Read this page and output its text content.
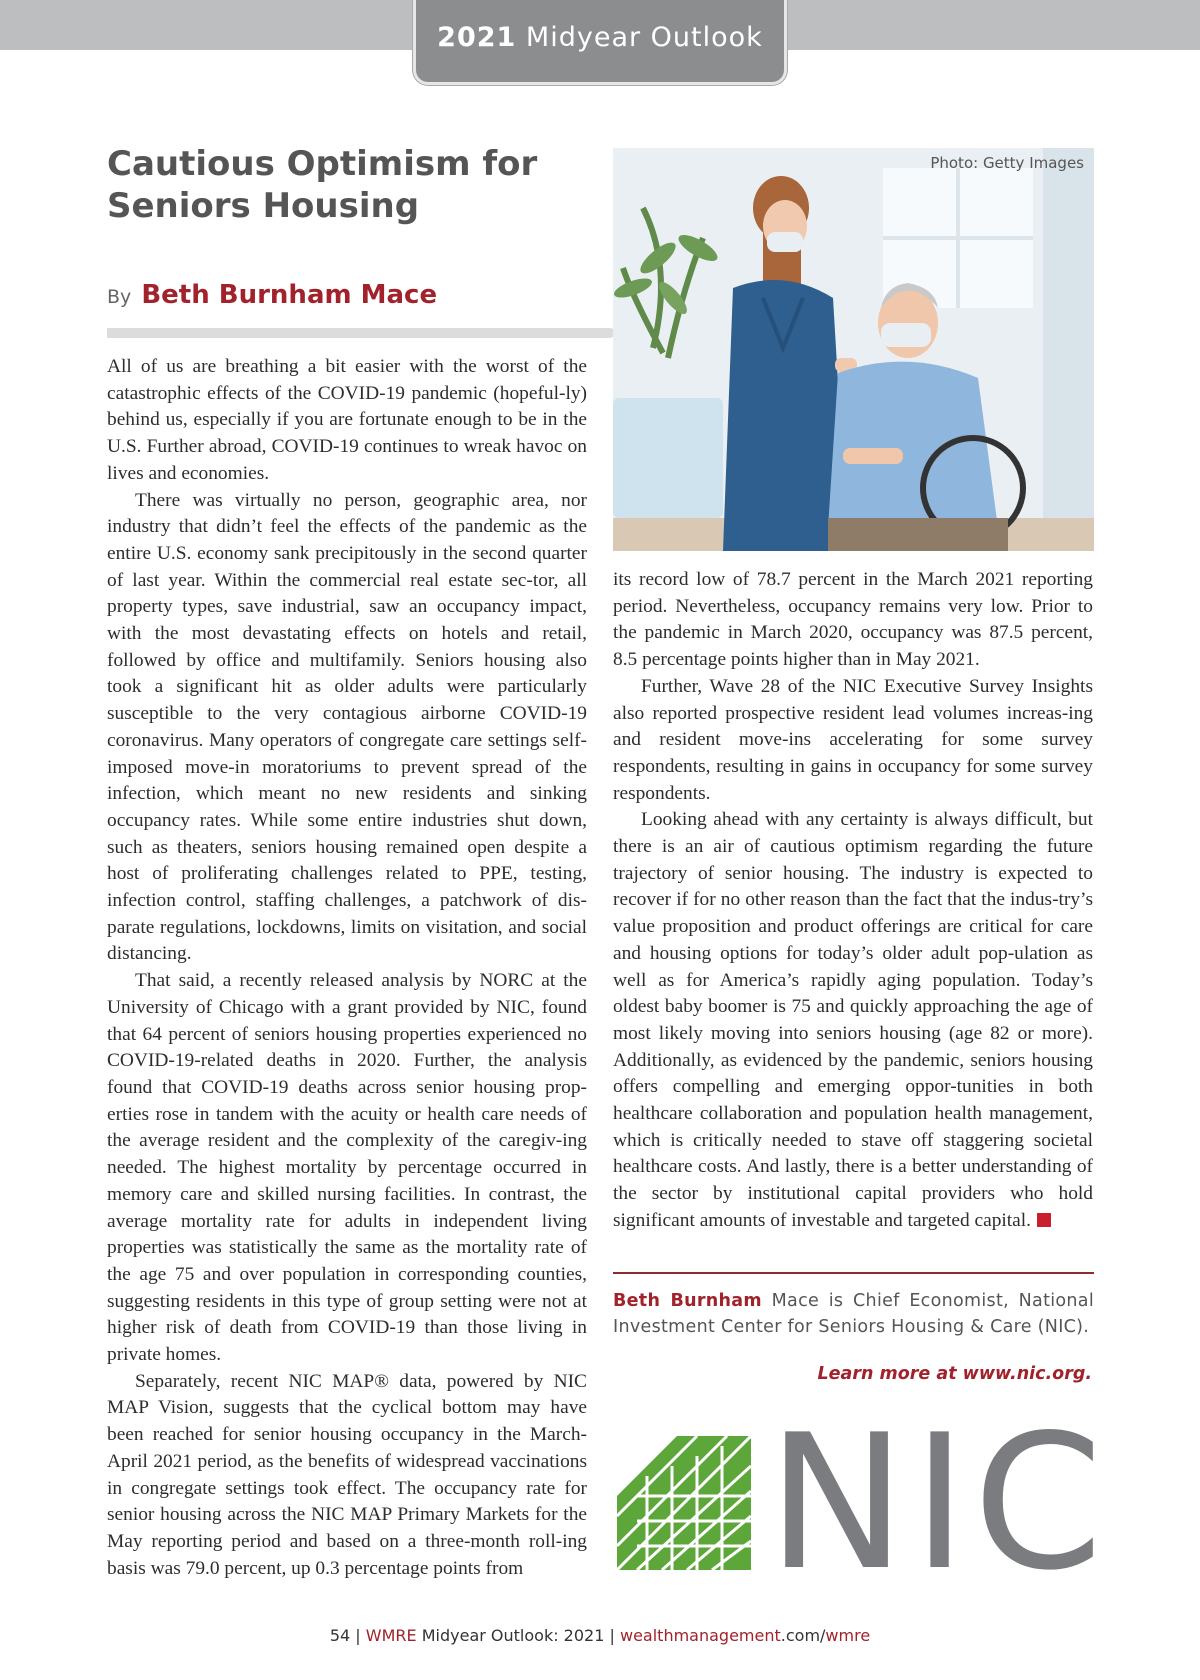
2021 Midyear Outlook
Cautious Optimism for Seniors Housing
By Beth Burnham Mace
Photo: Getty Images

All of us are breathing a bit easier with the worst of the catastrophic effects of the COVID-19 pandemic (hopeful-ly) behind us, especially if you are fortunate enough to be in the U.S. Further abroad, COVID-19 continues to wreak havoc on lives and economies.

There was virtually no person, geographic area, nor industry that didn’t feel the effects of the pandemic as the entire U.S. economy sank precipitously in the second quarter of last year. Within the commercial real estate sec-tor, all property types, save industrial, saw an occupancy impact, with the most devastating effects on hotels and retail, followed by office and multifamily. Seniors housing also took a significant hit as older adults were particularly susceptible to the very contagious airborne COVID-19 coronavirus. Many operators of congregate care settings self-imposed move-in moratoriums to prevent spread of the infection, which meant no new residents and sinking occupancy rates. While some entire industries shut down, such as theaters, seniors housing remained open despite a host of proliferating challenges related to PPE, testing, infection control, staffing challenges, a patchwork of dis-parate regulations, lockdowns, limits on visitation, and social distancing.

That said, a recently released analysis by NORC at the University of Chicago with a grant provided by NIC, found that 64 percent of seniors housing properties experienced no COVID-19-related deaths in 2020. Further, the analysis found that COVID-19 deaths across senior housing prop-erties rose in tandem with the acuity or health care needs of the average resident and the complexity of the caregiv-ing needed. The highest mortality by percentage occurred in memory care and skilled nursing facilities. In contrast, the average mortality rate for adults in independent living properties was statistically the same as the mortality rate of the age 75 and over population in corresponding counties, suggesting residents in this type of group setting were not at higher risk of death from COVID-19 than those living in private homes.

Separately, recent NIC MAP® data, powered by NIC MAP Vision, suggests that the cyclical bottom may have been reached for senior housing occupancy in the March-April 2021 period, as the benefits of widespread vaccinations in congregate settings took effect. The occupancy rate for senior housing across the NIC MAP Primary Markets for the May reporting period and based on a three-month roll-ing basis was 79.0 percent, up 0.3 percentage points from

its record low of 78.7 percent in the March 2021 reporting period. Nevertheless, occupancy remains very low. Prior to the pandemic in March 2020, occupancy was 87.5 percent, 8.5 percentage points higher than in May 2021.

Further, Wave 28 of the NIC Executive Survey Insights also reported prospective resident lead volumes increas-ing and resident move-ins accelerating for some survey respondents, resulting in gains in occupancy for some survey respondents.

Looking ahead with any certainty is always difficult, but there is an air of cautious optimism regarding the future trajectory of senior housing. The industry is expected to recover if for no other reason than the fact that the indus-try’s value proposition and product offerings are critical for care and housing options for today’s older adult pop-ulation as well as for America’s rapidly aging population. Today’s oldest baby boomer is 75 and quickly approaching the age of most likely moving into seniors housing (age 82 or more). Additionally, as evidenced by the pandemic, seniors housing offers compelling and emerging oppor-tunities in both healthcare collaboration and population health management, which is critically needed to stave off staggering societal healthcare costs. And lastly, there is a better understanding of the sector by institutional capital providers who hold significant amounts of investable and targeted capital.

Beth Burnham Mace is Chief Economist, National Investment Center for Seniors Housing & Care (NIC).
Learn more at www.nic.org.
NIC
54 | WMRE Midyear Outlook: 2021 | wealthmanagement.com/wmre
